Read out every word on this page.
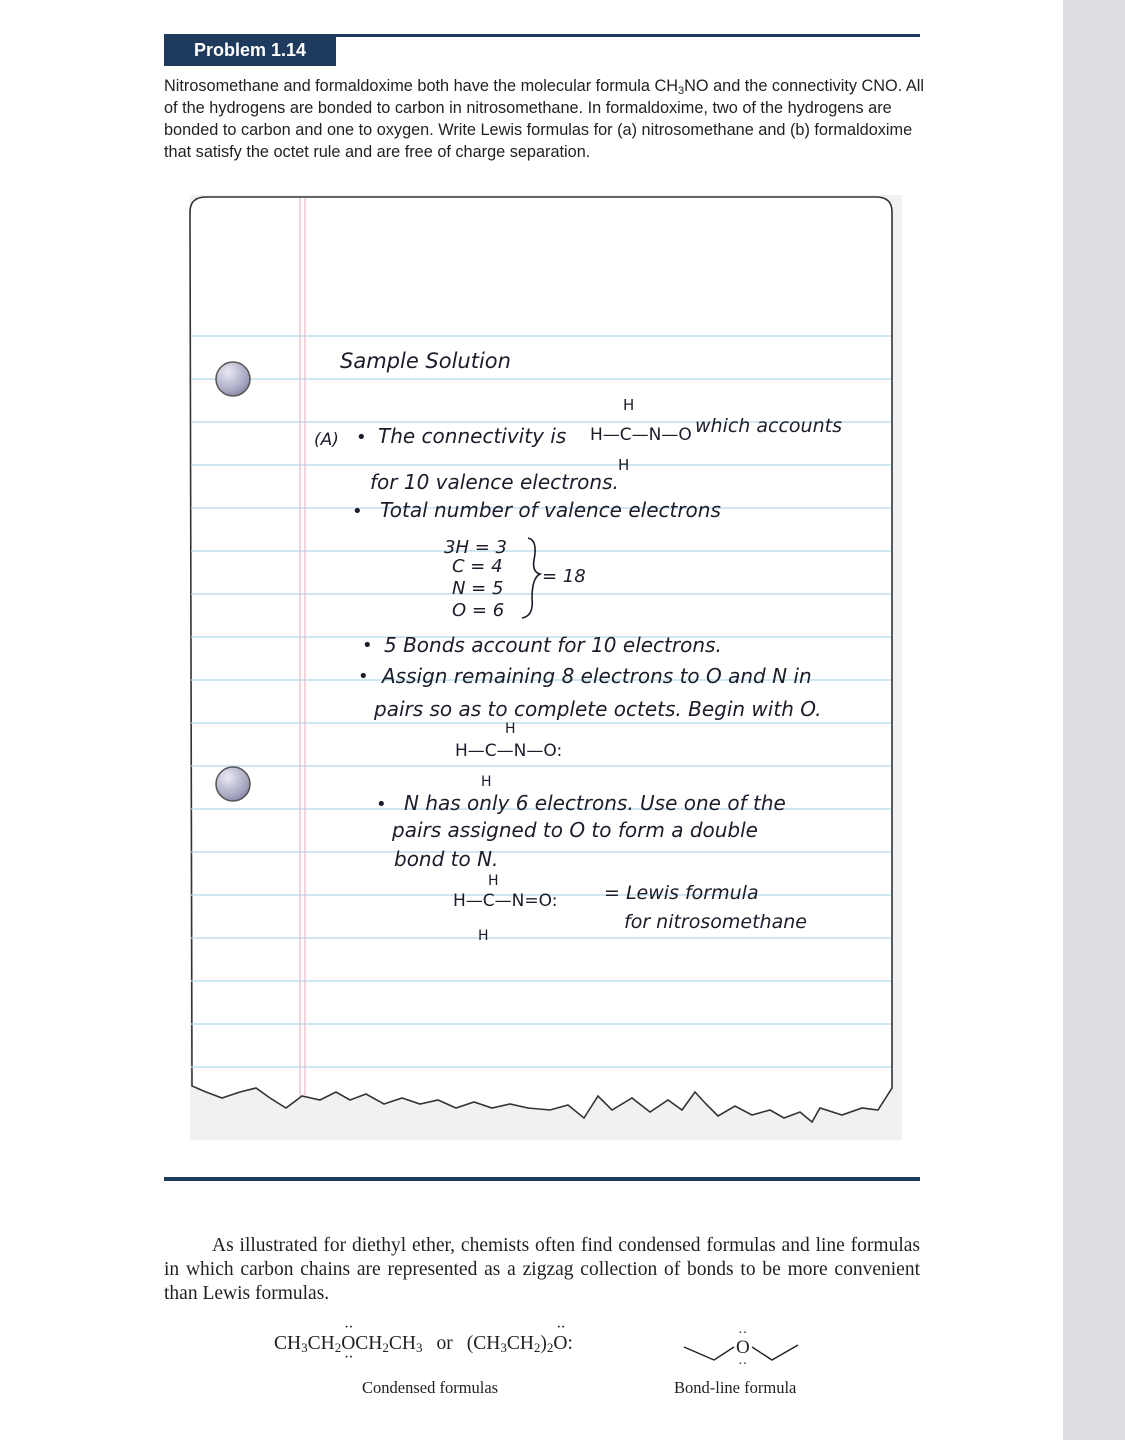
Problem 1.14

Nitrosomethane and formaldoxime both have the molecular formula $CH_3NO$ and the connectivity CNO. All of the hydrogens are bonded to carbon in nitrosomethane. In formaldoxime, two of the hydrogens are bonded to carbon and one to oxygen. Write Lewis formulas for (a) nitrosomethane and (b) formaldoxime that satisfy the octet rule and are free of charge separation.

Sample Solution
H
(A) • The connectivity is H—C—N—O which accounts
H
for 10 valence electrons.
• Total number of valence electrons
3H = 3
C = 4
N = 5
O = 6
= 18
• 5 Bonds account for 10 electrons.
• Assign remaining 8 electrons to O and N in
pairs so as to complete octets. Begin with O.
H
H—C—N—O:
H
• N has only 6 electrons. Use one of the
pairs assigned to O to form a double
bond to N.
H
H—C—N=O:
H
= Lewis formula
for nitrosomethane

As illustrated for diethyl ether, chemists often find condensed formulas and line formulas in which carbon chains are represented as a zigzag collection of bonds to be more convenient than Lewis formulas.

$CH_3CH_2\cdot\cdot O \cdot\cdot CH_2CH_3$ or $(CH_3CH_2)_2\cdot\cdot O$:	O
··
··
Condensed formulas	Bond-line formula
